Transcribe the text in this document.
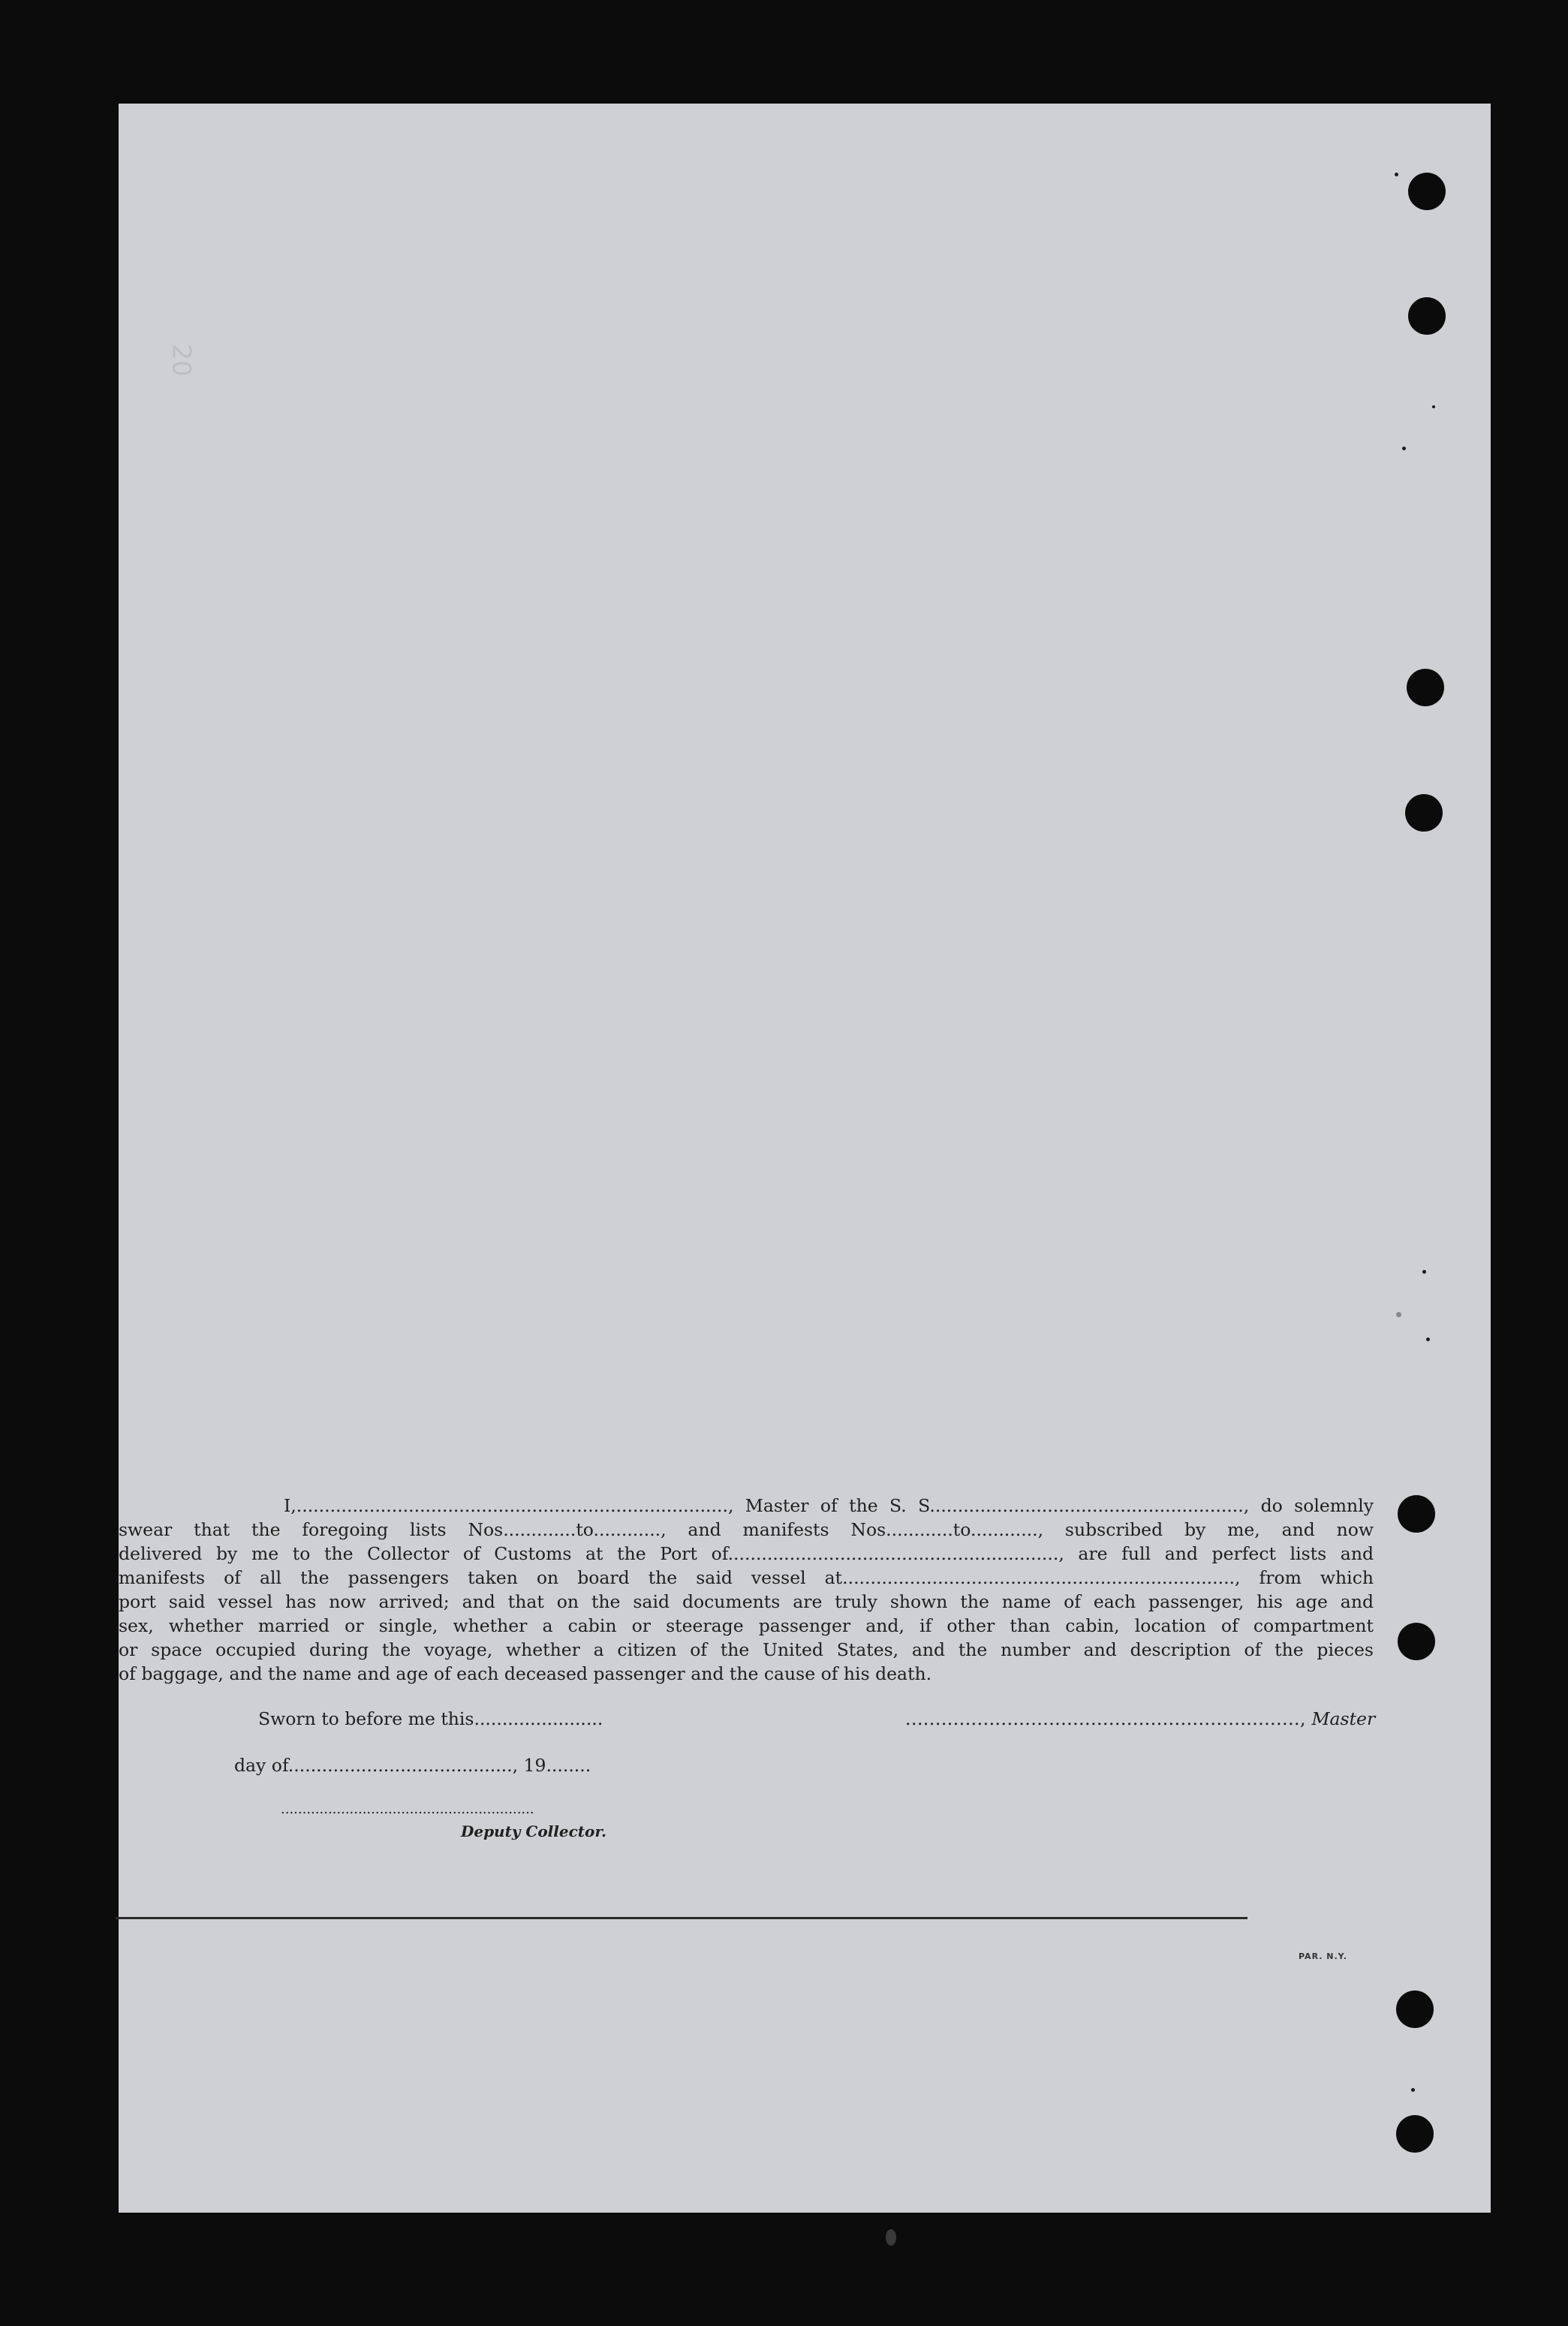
20
I,............................................................................., Master of the S. S........................................................, do solemnly
swear that the foregoing lists Nos.............to............, and manifests Nos............to............, subscribed by me, and now
delivered by me to the Collector of Customs at the Port of..........................................................., are full and perfect lists and
manifests of all the passengers taken on board the said vessel at......................................................................, from which
port said vessel has now arrived; and that on the said documents are truly shown the name of each passenger, his age and
sex, whether married or single, whether a cabin or steerage passenger and, if other than cabin, location of compartment
or space occupied during the voyage, whether a citizen of the United States, and the number and description of the pieces
of baggage, and the name and age of each deceased passenger and the cause of his death.
Sworn to before me this.......................	.................................................................., Master
day of........................................, 19........
...........................................................
Deputy Collector.
PAR. N.Y.
